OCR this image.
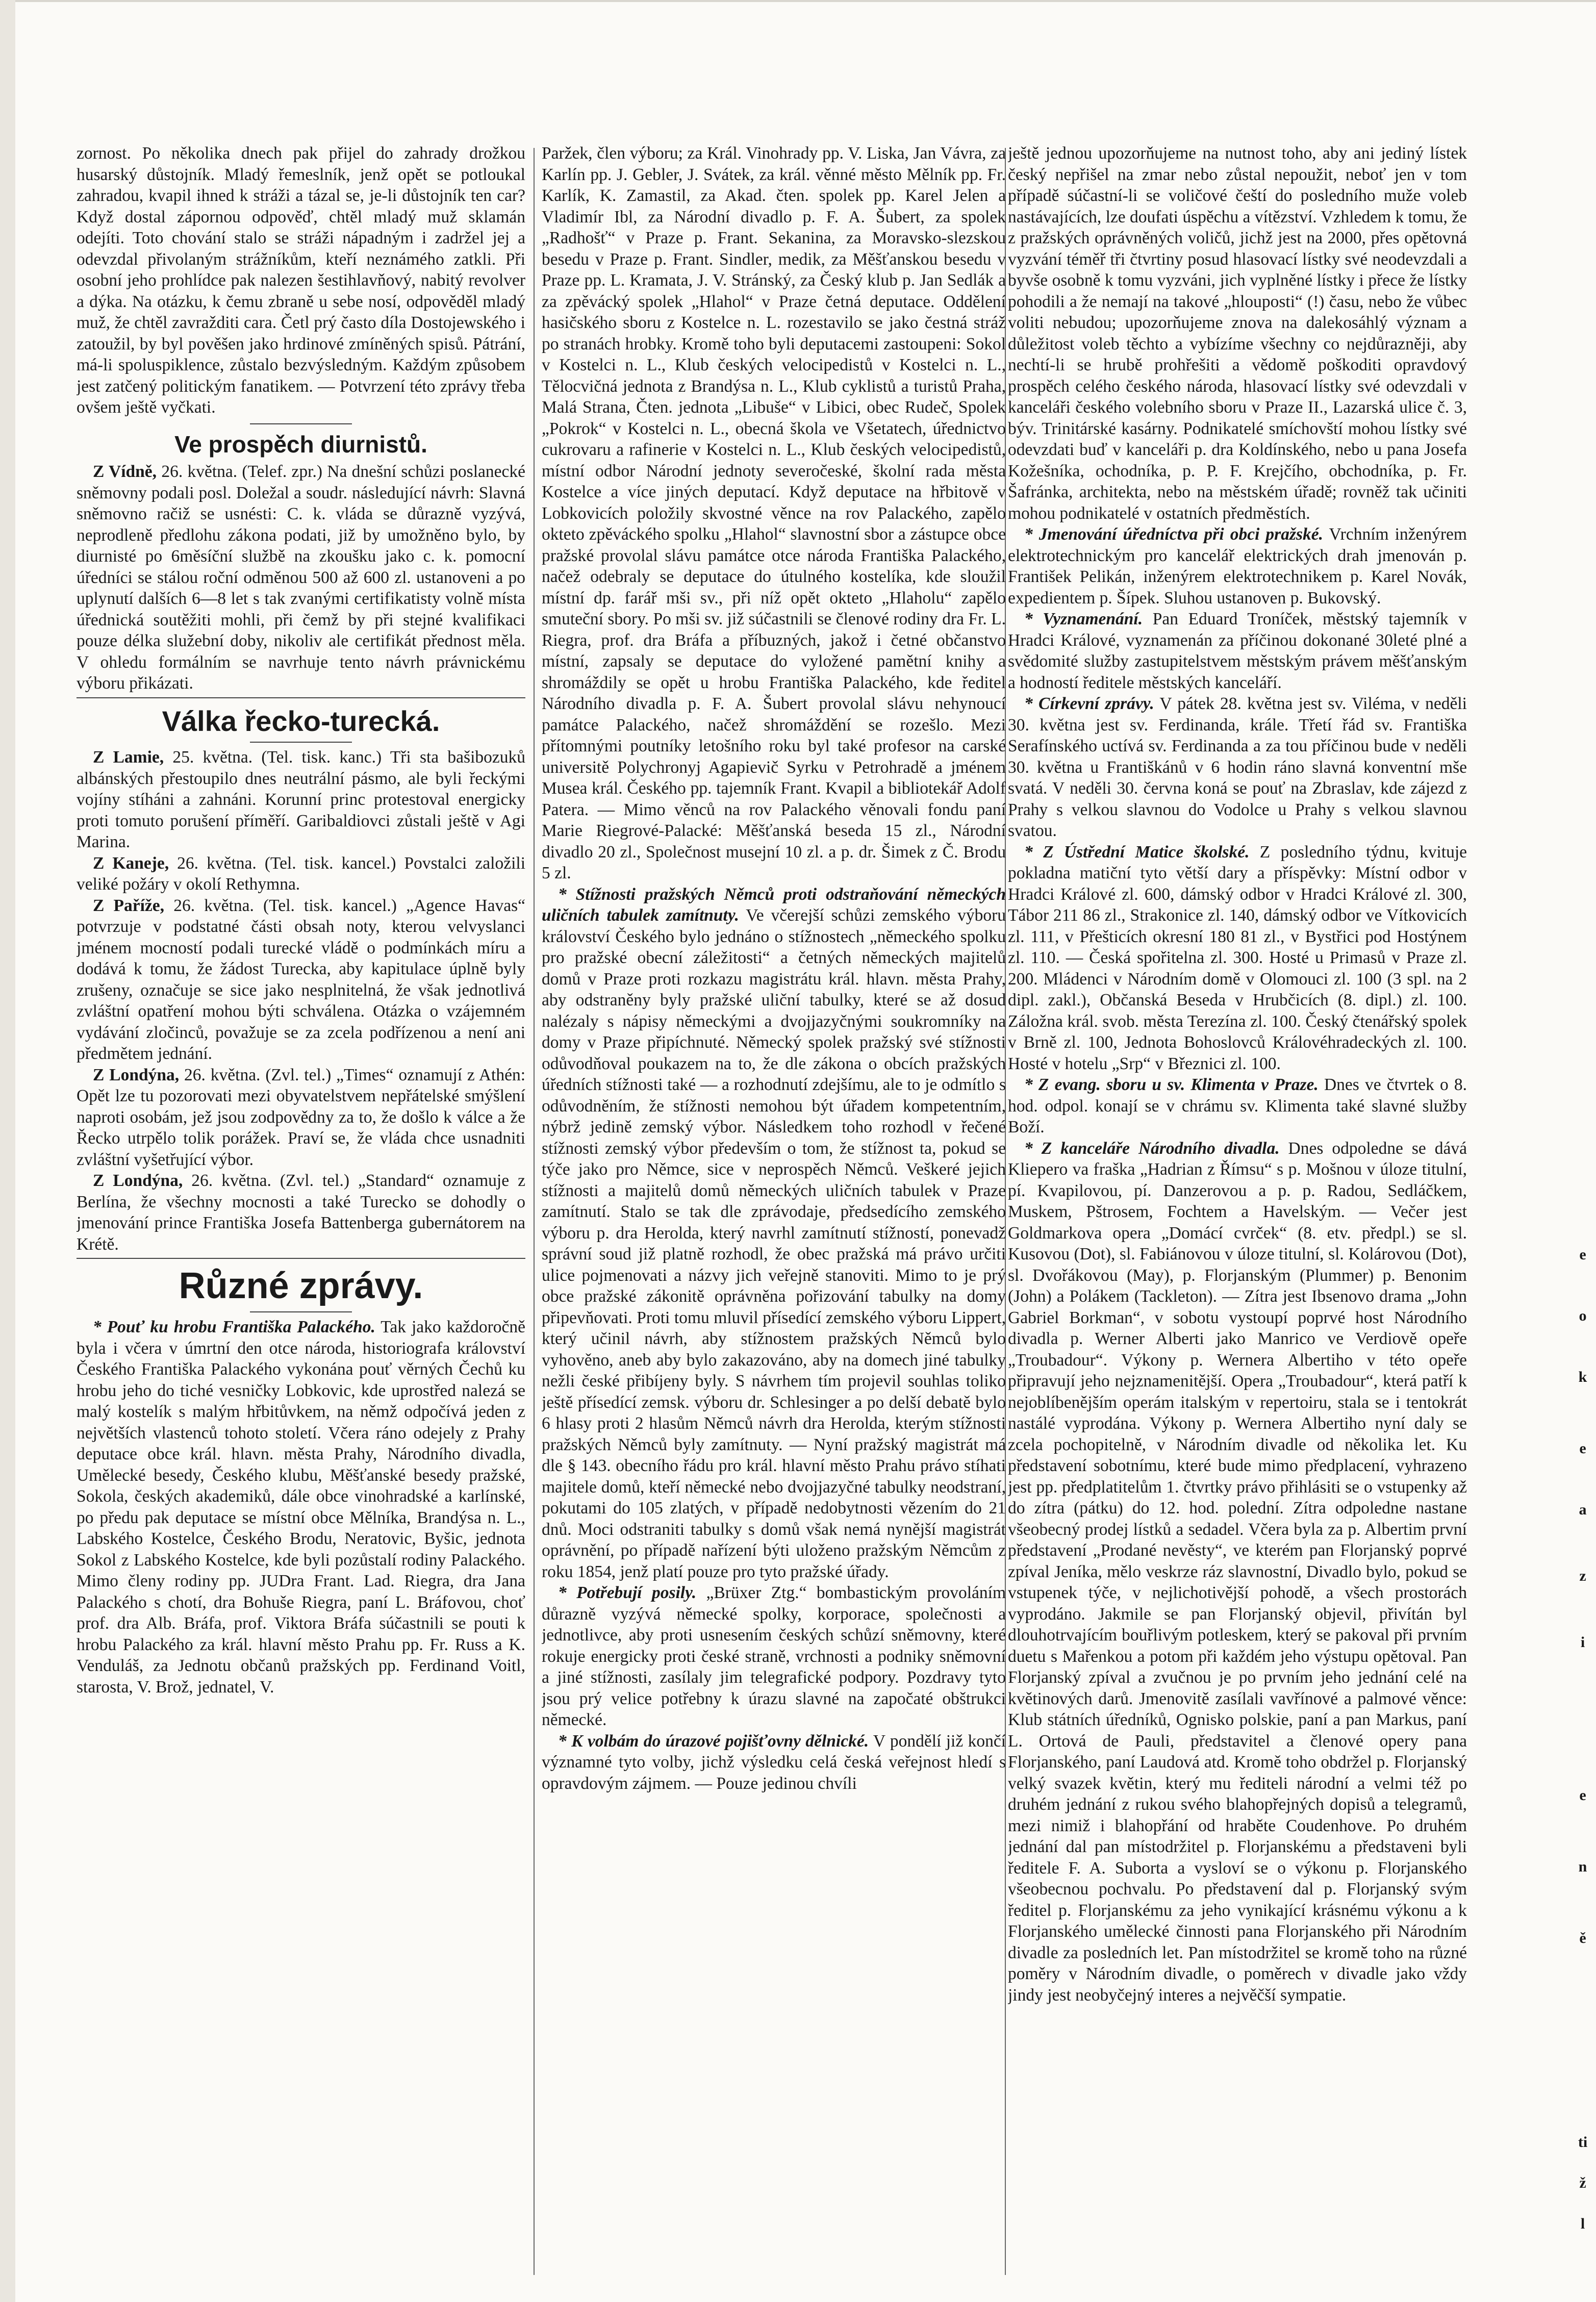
zornost. Po několika dnech pak přijel do zahrady drožkou husarský důstojník. Mladý řemeslník, jenž opět se potloukal zahradou, kvapil ihned k stráži a tázal se, je-li důstojník ten car? Když dostal zápornou odpověď, chtěl mladý muž sklamán odejíti. Toto chování stalo se stráži nápadným i zadržel jej a odevzdal přivolaným strážníkům, kteří neznámého zatkli. Při osobní jeho prohlídce pak nalezen šestihlavňový, nabitý revolver a dýka. Na otázku, k čemu zbraně u sebe nosí, odpověděl mladý muž, že chtěl zavražditi cara. Četl prý často díla Dostojewského i zatoužil, by byl pověšen jako hrdinové zmíněných spisů. Pátrání, má-li spoluspiklence, zůstalo bezvýsledným. Každým způsobem jest zatčený politickým fanatikem. — Potvrzení této zprávy třeba ovšem ještě vyčkati.

Ve prospěch diurnistů.

Z Vídně, 26. května. (Telef. zpr.) Na dnešní schůzi poslanecké sněmovny podali posl. Doležal a soudr. následující návrh: Slavná sněmovno račiž se usnésti: C. k. vláda se důrazně vyzývá, neprodleně předlohu zákona podati, již by umožněno bylo, by diurnisté po 6měsíční službě na zkoušku jako c. k. pomocní úředníci se stálou roční odměnou 500 až 600 zl. ustanoveni a po uplynutí dalších 6—8 let s tak zvanými certifikatisty volně místa úřednická soutěžiti mohli, při čemž by při stejné kvalifikaci pouze délka služební doby, nikoliv ale certifikát přednost měla. V ohledu formálním se navrhuje tento návrh právnickému výboru přikázati.

Válka řecko-turecká.

Z Lamie, 25. května. (Tel. tisk. kanc.) Tři sta bašibozuků albánských přestoupilo dnes neutrální pásmo, ale byli řeckými vojíny stíháni a zahnáni. Korunní princ protestoval energicky proti tomuto porušení příměří. Garibaldiovci zůstali ještě v Agi Marina.

Z Kaneje, 26. května. (Tel. tisk. kancel.) Povstalci založili veliké požáry v okolí Rethymna.

Z Paříže, 26. května. (Tel. tisk. kancel.) „Agence Havas“ potvrzuje v podstatné části obsah noty, kterou velvyslanci jménem mocností podali turecké vládě o podmínkách míru a dodává k tomu, že žádost Turecka, aby kapitulace úplně byly zrušeny, označuje se sice jako nesplnitelná, že však jednotlivá zvláštní opatření mohou býti schválena. Otázka o vzájemném vydávání zločinců, považuje se za zcela podřízenou a není ani předmětem jednání.

Z Londýna, 26. května. (Zvl. tel.) „Times“ oznamují z Athén: Opět lze tu pozorovati mezi obyvatelstvem nepřátelské smýšlení naproti osobám, jež jsou zodpovědny za to, že došlo k válce a že Řecko utrpělo tolik porážek. Praví se, že vláda chce usnadniti zvláštní vyšetřující výbor.

Z Londýna, 26. května. (Zvl. tel.) „Standard“ oznamuje z Berlína, že všechny mocnosti a také Turecko se dohodly o jmenování prince Františka Josefa Battenberga gubernátorem na Krétě.

Různé zprávy.

* Pouť ku hrobu Františka Palackého. Tak jako každoročně byla i včera v úmrtní den otce národa, historiografa království Českého Františka Palackého vykonána pouť věrných Čechů ku hrobu jeho do tiché vesničky Lobkovic, kde uprostřed nalezá se malý kostelík s malým hřbitůvkem, na němž odpočívá jeden z největších vlastenců tohoto století. Včera ráno odejely z Prahy deputace obce král. hlavn. města Prahy, Národního divadla, Umělecké besedy, Českého klubu, Měšťanské besedy pražské, Sokola, českých akademiků, dále obce vinohradské a karlínské, po předu pak deputace se místní obce Mělníka, Brandýsa n. L., Labského Kostelce, Českého Brodu, Neratovic, Byšic, jednota Sokol z Labského Kostelce, kde byli pozůstalí rodiny Palackého. Mimo členy rodiny pp. JUDra Frant. Lad. Riegra, dra Jana Palackého s chotí, dra Bohuše Riegra, paní L. Bráfovou, choť prof. dra Alb. Bráfa, prof. Viktora Bráfa súčastnili se pouti k hrobu Palackého za král. hlavní město Prahu pp. Fr. Russ a K. Venduláš, za Jednotu občanů pražských pp. Ferdinand Voitl, starosta, V. Brož, jednatel, V.

Paržek, člen výboru; za Král. Vinohrady pp. V. Liska, Jan Vávra, za Karlín pp. J. Gebler, J. Svátek, za král. věnné město Mělník pp. Fr. Karlík, K. Zamastil, za Akad. čten. spolek pp. Karel Jelen a Vladimír Ibl, za Národní divadlo p. F. A. Šubert, za spolek „Radhošť“ v Praze p. Frant. Sekanina, za Moravsko-slezskou besedu v Praze p. Frant. Sindler, medik, za Měšťanskou besedu v Praze pp. L. Kramata, J. V. Stránský, za Český klub p. Jan Sedlák a za zpěvácký spolek „Hlahol“ v Praze četná deputace. Oddělení hasičského sboru z Kostelce n. L. rozestavilo se jako čestná stráž po stranách hrobky. Kromě toho byli deputacemi zastoupeni: Sokol v Kostelci n. L., Klub českých velocipedistů v Kostelci n. L., Tělocvičná jednota z Brandýsa n. L., Klub cyklistů a turistů Praha, Malá Strana, Čten. jednota „Libuše“ v Libici, obec Rudeč, Spolek „Pokrok“ v Kostelci n. L., obecná škola ve Všetatech, úřednictvo cukrovaru a rafinerie v Kostelci n. L., Klub českých velocipedistů, místní odbor Národní jednoty severočeské, školní rada města Kostelce a více jiných deputací. Když deputace na hřbitově v Lobkovicích položily skvostné věnce na rov Palackého, zapělo okteto zpěváckého spolku „Hlahol“ slavnostní sbor a zástupce obce pražské provolal slávu památce otce národa Františka Palackého, načež odebraly se deputace do útulného kostelíka, kde sloužil místní dp. farář mši sv., při níž opět okteto „Hlaholu“ zapělo smuteční sbory. Po mši sv. již súčastnili se členové rodiny dra Fr. L. Riegra, prof. dra Bráfa a příbuzných, jakož i četné občanstvo místní, zapsaly se deputace do vyložené pamětní knihy a shromáždily se opět u hrobu Františka Palackého, kde ředitel Národního divadla p. F. A. Šubert provolal slávu nehynoucí památce Palackého, načež shromáždění se rozešlo. Mezi přítomnými poutníky letošního roku byl také profesor na carské universitě Polychronyj Agapievič Syrku v Petrohradě a jménem Musea král. Českého pp. tajemník Frant. Kvapil a bibliotekář Adolf Patera. — Mimo věnců na rov Palackého věnovali fondu paní Marie Riegrové-Palacké: Měšťanská beseda 15 zl., Národní divadlo 20 zl., Společnost musejní 10 zl. a p. dr. Šimek z Č. Brodu 5 zl.

* Stížnosti pražských Němců proti odstraňování německých uličních tabulek zamítnuty. Ve včerejší schůzi zemského výboru království Českého bylo jednáno o stížnostech „německého spolku pro pražské obecní záležitosti“ a četných německých majitelů domů v Praze proti rozkazu magistrátu král. hlavn. města Prahy, aby odstraněny byly pražské uliční tabulky, které se až dosud nalézaly s nápisy německými a dvojjazyčnými soukromníky na domy v Praze připíchnuté. Německý spolek pražský své stížnosti odůvodňoval poukazem na to, že dle zákona o obcích pražských úředních stížnosti také — a rozhodnutí zdejšímu, ale to je odmítlo s odůvodněním, že stížnosti nemohou být úřadem kompetentním, nýbrž jedině zemský výbor. Následkem toho rozhodl v řečené stížnosti zemský výbor především o tom, že stížnost ta, pokud se týče jako pro Němce, sice v neprospěch Němců. Veškeré jejich stížnosti a majitelů domů německých uličních tabulek v Praze zamítnutí. Stalo se tak dle zprávodaje, předsedícího zemského výboru p. dra Herolda, který navrhl zamítnutí stížností, ponevadž správní soud již platně rozhodl, že obec pražská má právo určiti ulice pojmenovati a názvy jich veřejně stanoviti. Mimo to je prý obce pražské zákonitě oprávněna pořizování tabulky na domy připevňovati. Proti tomu mluvil přísedící zemského výboru Lippert, který učinil návrh, aby stížnostem pražských Němců bylo vyhověno, aneb aby bylo zakazováno, aby na domech jiné tabulky nežli české přibíjeny byly. S návrhem tím projevil souhlas toliko ještě přísedící zemsk. výboru dr. Schlesinger a po delší debatě bylo 6 hlasy proti 2 hlasům Němců návrh dra Herolda, kterým stížnosti pražských Němců byly zamítnuty. — Nyní pražský magistrát má dle § 143. obecního řádu pro král. hlavní město Prahu právo stíhati majitele domů, kteří německé nebo dvojjazyčné tabulky neodstraní, pokutami do 105 zlatých, v případě nedobytnosti vězením do 21 dnů. Moci odstraniti tabulky s domů však nemá nynější magistrát oprávnění, po případě nařízení býti uloženo pražským Němcům z roku 1854, jenž platí pouze pro tyto pražské úřady.

* Potřebují posily. „Brüxer Ztg.“ bombastickým provoláním důrazně vyzývá německé spolky, korporace, společnosti a jednotlivce, aby proti usnesením českých schůzí sněmovny, které rokuje energicky proti české straně, vrchnosti a podniky sněmovní a jiné stížnosti, zasílaly jim telegrafické podpory. Pozdravy tyto jsou prý velice potřebny k úrazu slavné na započaté obštrukci německé.

* K volbám do úrazové pojišťovny dělnické. V pondělí již končí významné tyto volby, jichž výsledku celá česká veřejnost hledí s opravdovým zájmem. — Pouze jedinou chvíli

ještě jednou upozorňujeme na nutnost toho, aby ani jediný lístek český nepřišel na zmar nebo zůstal nepoužit, neboť jen v tom případě súčastní-li se voličové čeští do posledního muže voleb nastávajících, lze doufati úspěchu a vítězství. Vzhledem k tomu, že z pražských oprávněných voličů, jichž jest na 2000, přes opětovná vyzvání téměř tři čtvrtiny posud hlasovací lístky své neodevzdali a byvše osobně k tomu vyzváni, jich vyplněné lístky i přece že lístky pohodili a že nemají na takové „hlouposti“ (!) času, nebo že vůbec voliti nebudou; upozorňujeme znova na dalekosáhlý význam a důležitost voleb těchto a vybízíme všechny co nejdůrazněji, aby nechtí-li se hrubě prohřešiti a vědomě poškoditi opravdový prospěch celého českého národa, hlasovací lístky své odevzdali v kanceláři českého volebního sboru v Praze II., Lazarská ulice č. 3, býv. Trinitárské kasárny. Podnikatelé smíchovští mohou lístky své odevzdati buď v kanceláři p. dra Koldínského, nebo u pana Josefa Kožešníka, ochodníka, p. P. F. Krejčího, obchodníka, p. Fr. Šafránka, architekta, nebo na městském úřadě; rovněž tak učiniti mohou podnikatelé v ostatních předměstích.

* Jmenování úředníctva při obci pražské. Vrchním inženýrem elektrotechnickým pro kancelář elektrických drah jmenován p. František Pelikán, inženýrem elektrotechnikem p. Karel Novák, expedientem p. Šípek. Sluhou ustanoven p. Bukovský.

* Vyznamenání. Pan Eduard Troníček, městský tajemník v Hradci Králové, vyznamenán za příčinou dokonané 30leté plné a svědomité služby zastupitelstvem městským právem měšťanským a hodností ředitele městských kanceláří.

* Církevní zprávy. V pátek 28. května jest sv. Viléma, v neděli 30. května jest sv. Ferdinanda, krále. Třetí řád sv. Františka Serafínského uctívá sv. Ferdinanda a za tou příčinou bude v neděli 30. května u Františkánů v 6 hodin ráno slavná konventní mše svatá. V neděli 30. června koná se pouť na Zbraslav, kde zájezd z Prahy s velkou slavnou do Vodolce u Prahy s velkou slavnou svatou.

* Z Ústřední Matice školské. Z posledního týdnu, kvituje pokladna matiční tyto větší dary a příspěvky: Místní odbor v Hradci Králové zl. 600, dámský odbor v Hradci Králové zl. 300, Tábor 211 86 zl., Strakonice zl. 140, dámský odbor ve Vítkovicích zl. 111, v Přešticích okresní 180 81 zl., v Bystřici pod Hostýnem zl. 110. — Česká spořitelna zl. 300. Hosté u Primasů v Praze zl. 200. Mládenci v Národním domě v Olomouci zl. 100 (3 spl. na 2 dipl. zakl.), Občanská Beseda v Hrubčicích (8. dipl.) zl. 100. Záložna král. svob. města Terezína zl. 100. Český čtenářský spolek v Brně zl. 100, Jednota Bohoslovců Královéhradeckých zl. 100. Hosté v hotelu „Srp“ v Březnici zl. 100.

* Z evang. sboru u sv. Klimenta v Praze. Dnes ve čtvrtek o 8. hod. odpol. konají se v chrámu sv. Klimenta také slavné služby Boží.

* Z kanceláře Národního divadla. Dnes odpoledne se dává Kliepero va fraška „Hadrian z Římsu“ s p. Mošnou v úloze titulní, pí. Kvapilovou, pí. Danzerovou a p. p. Radou, Sedláčkem, Muskem, Pštrosem, Fochtem a Havelským. — Večer jest Goldmarkova opera „Domácí cvrček“ (8. etv. předpl.) se sl. Kusovou (Dot), sl. Fabiánovou v úloze titulní, sl. Kolárovou (Dot), sl. Dvořákovou (May), p. Florjanským (Plummer) p. Benonim (John) a Polákem (Tackleton). — Zítra jest Ibsenovo drama „John Gabriel Borkman“, v sobotu vystoupí poprvé host Národního divadla p. Werner Alberti jako Manrico ve Verdiově opeře „Troubadour“. Výkony p. Wernera Albertiho v této opeře připravují jeho nejznamenitější. Opera „Troubadour“, která patří k nejoblíbenějším operám italským v repertoiru, stala se i tentokrát nastálé vyprodána. Výkony p. Wernera Albertiho nyní daly se zcela pochopitelně, v Národním divadle od několika let. Ku představení sobotnímu, které bude mimo předplacení, vyhrazeno jest pp. předplatitelům 1. čtvrtky právo přihlásiti se o vstupenky až do zítra (pátku) do 12. hod. polední. Zítra odpoledne nastane všeobecný prodej lístků a sedadel. Včera byla za p. Albertim první představení „Prodané nevěsty“, ve kterém pan Florjanský poprvé zpíval Jeníka, mělo veskrze ráz slavnostní, Divadlo bylo, pokud se vstupenek týče, v nejlichotivější pohodě, a všech prostorách vyprodáno. Jakmile se pan Florjanský objevil, přivítán byl dlouhotrvajícím bouřlivým potleskem, který se pakoval při prvním duetu s Mařenkou a potom při každém jeho výstupu opětoval. Pan Florjanský zpíval a zvučnou je po prvním jeho jednání celé na květinových darů. Jmenovitě zasílali vavřínové a palmové věnce: Klub státních úředníků, Ognisko polskie, paní a pan Markus, paní L. Ortová de Pauli, představitel a členové opery pana Florjanského, paní Laudová atd. Kromě toho obdržel p. Florjanský velký svazek květin, který mu řediteli národní a velmi též po druhém jednání z rukou svého blahopřejných dopisů a telegramů, mezi nimiž i blahopřání od hraběte Coudenhove. Po druhém jednání dal pan místodržitel p. Florjanskému a představeni byli ředitele F. A. Suborta a vysloví se o výkonu p. Florjanského všeobecnou pochvalu. Po představení dal p. Florjanský svým ředitel p. Florjanskému za jeho vynikající krásnému výkonu a k Florjanského umělecké činnosti pana Florjanského při Národním divadle za posledních let. Pan místodržitel se kromě toho na různé poměry v Národním divadle, o poměrech v divadle jako vždy jindy jest neobyčejný interes a nejvěčší sympatie.

e
o
k
e
a
z
i
e
n
ě
ti
ž
l
